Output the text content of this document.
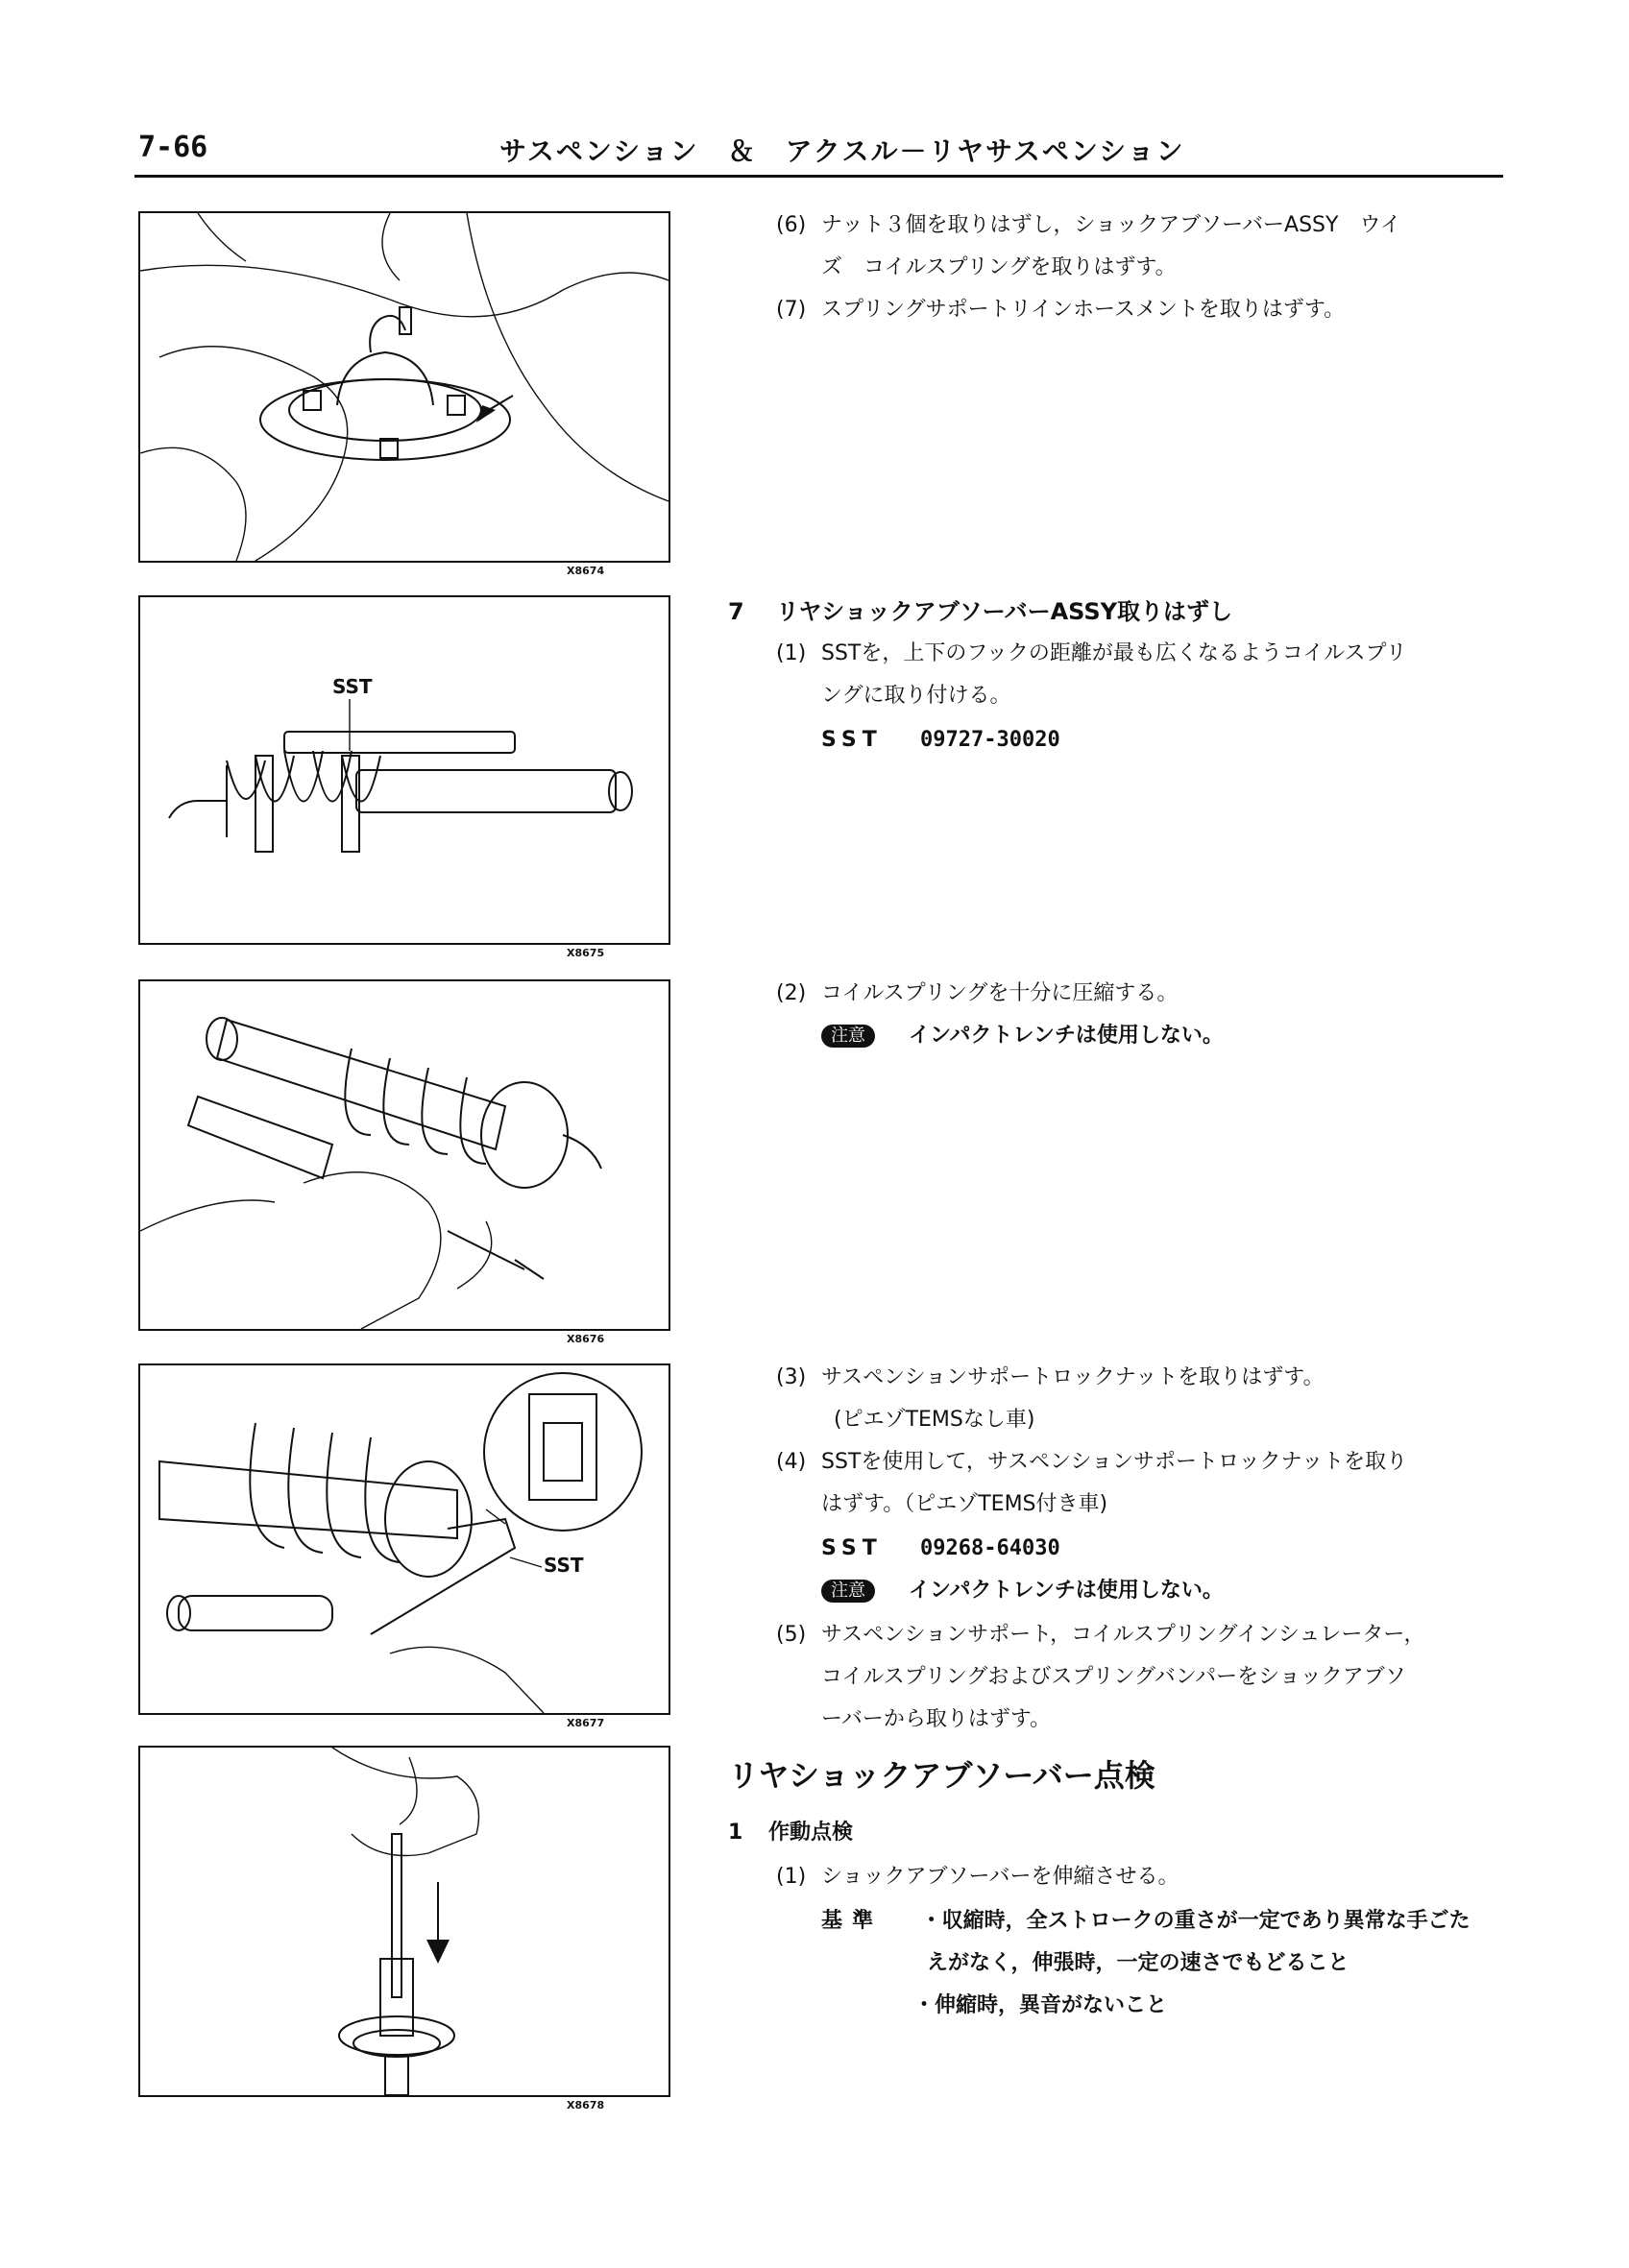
7-66	サスペンション　＆　アクスル－リヤサスペンション
X8674
SST
X8675
X8676
SST
X8677
X8678
(6) ナット３個を取りはずし，ショックアブソーバーASSY　ウイ
ズ　コイルスプリングを取りはずす。
(7) スプリングサポートリインホースメントを取りはずす。
7 リヤショックアブソーバーASSY取りはずし
(1) SSTを，上下のフックの距離が最も広くなるようコイルスプリ
ングに取り付ける。
SST 09727-30020
(2) コイルスプリングを十分に圧縮する。
注意 インパクトレンチは使用しない。
(3) サスペンションサポートロックナットを取りはずす。
(ピエゾTEMSなし車)
(4) SSTを使用して，サスペンションサポートロックナットを取り
はずす。（ピエゾTEMS付き車)
SST 09268-64030
注意 インパクトレンチは使用しない。
(5) サスペンションサポート，コイルスプリングインシュレーター，
コイルスプリングおよびスプリングバンパーをショックアブソ
ーバーから取りはずす。
リヤショックアブソーバー点検
1 作動点検
(1) ショックアブソーバーを伸縮させる。
基準 ・収縮時，全ストロークの重さが一定であり異常な手ごた
えがなく，伸張時，一定の速さでもどること
・伸縮時，異音がないこと
